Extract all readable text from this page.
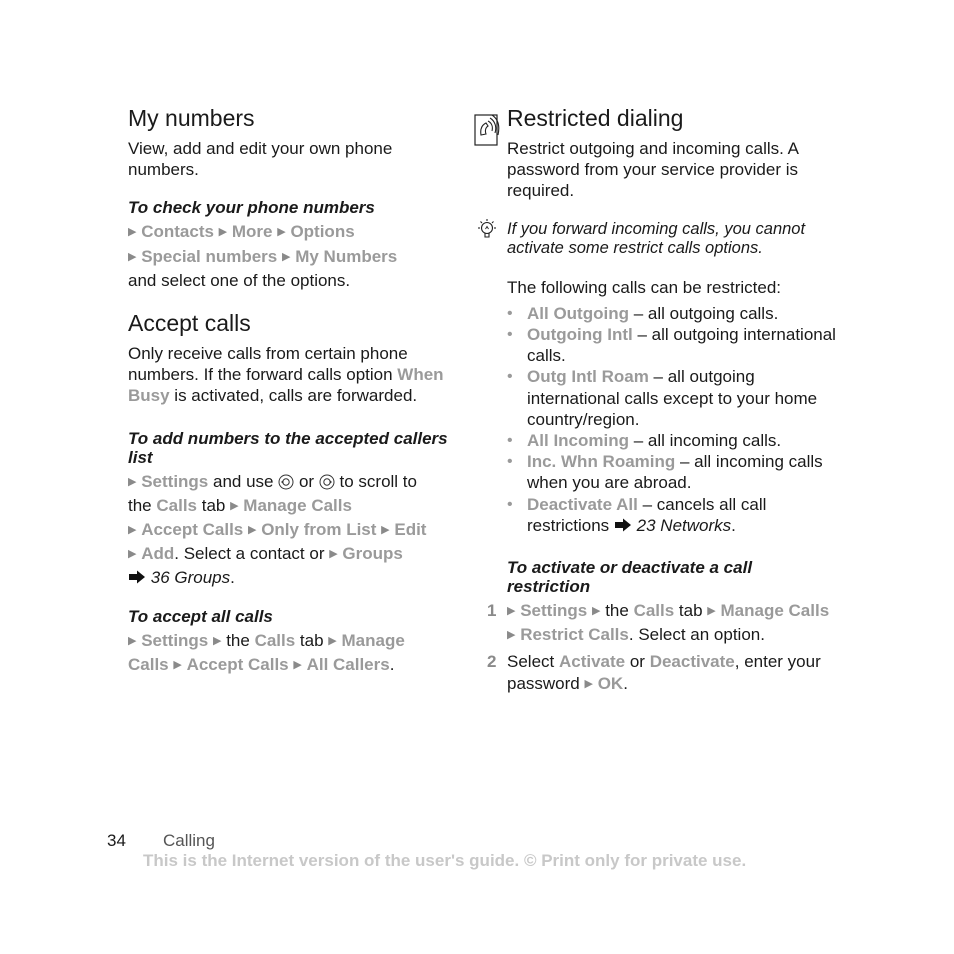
My numbers

View, add and edit your own phone numbers.

To check your phone numbers

▶ Contacts ▶ More ▶ Options

▶ Special numbers ▶ My Numbers

and select one of the options.

Accept calls

Only receive calls from certain phone numbers. If the forward calls option When Busy is activated, calls are forwarded.

To add numbers to the accepted callers list

▶ Settings and use  or  to scroll to
the Calls tab ▶ Manage Calls
▶ Accept Calls ▶ Only from List ▶ Edit
▶ Add. Select a contact or ▶ Groups
36 Groups.

To accept all calls

▶ Settings ▶ the Calls tab ▶ Manage
Calls ▶ Accept Calls ▶ All Callers.

Restricted dialing

Restrict outgoing and incoming calls. A password from your service provider is required.

If you forward incoming calls, you cannot activate some restrict calls options.

The following calls can be restricted:

• All Outgoing – all outgoing calls.
• Outgoing Intl – all outgoing international calls.
• Outg Intl Roam – all outgoing international calls except to your home country/region.
• All Incoming – all incoming calls.
• Inc. Whn Roaming – all incoming calls when you are abroad.
• Deactivate All – cancels all call restrictions  23 Networks.
To activate or deactivate a call restriction
1 ▶ Settings ▶ the Calls tab ▶ Manage Calls ▶ Restrict Calls. Select an option.
2 Select Activate or Deactivate, enter your password ▶ OK.
34 Calling
This is the Internet version of the user's guide. © Print only for private use.
